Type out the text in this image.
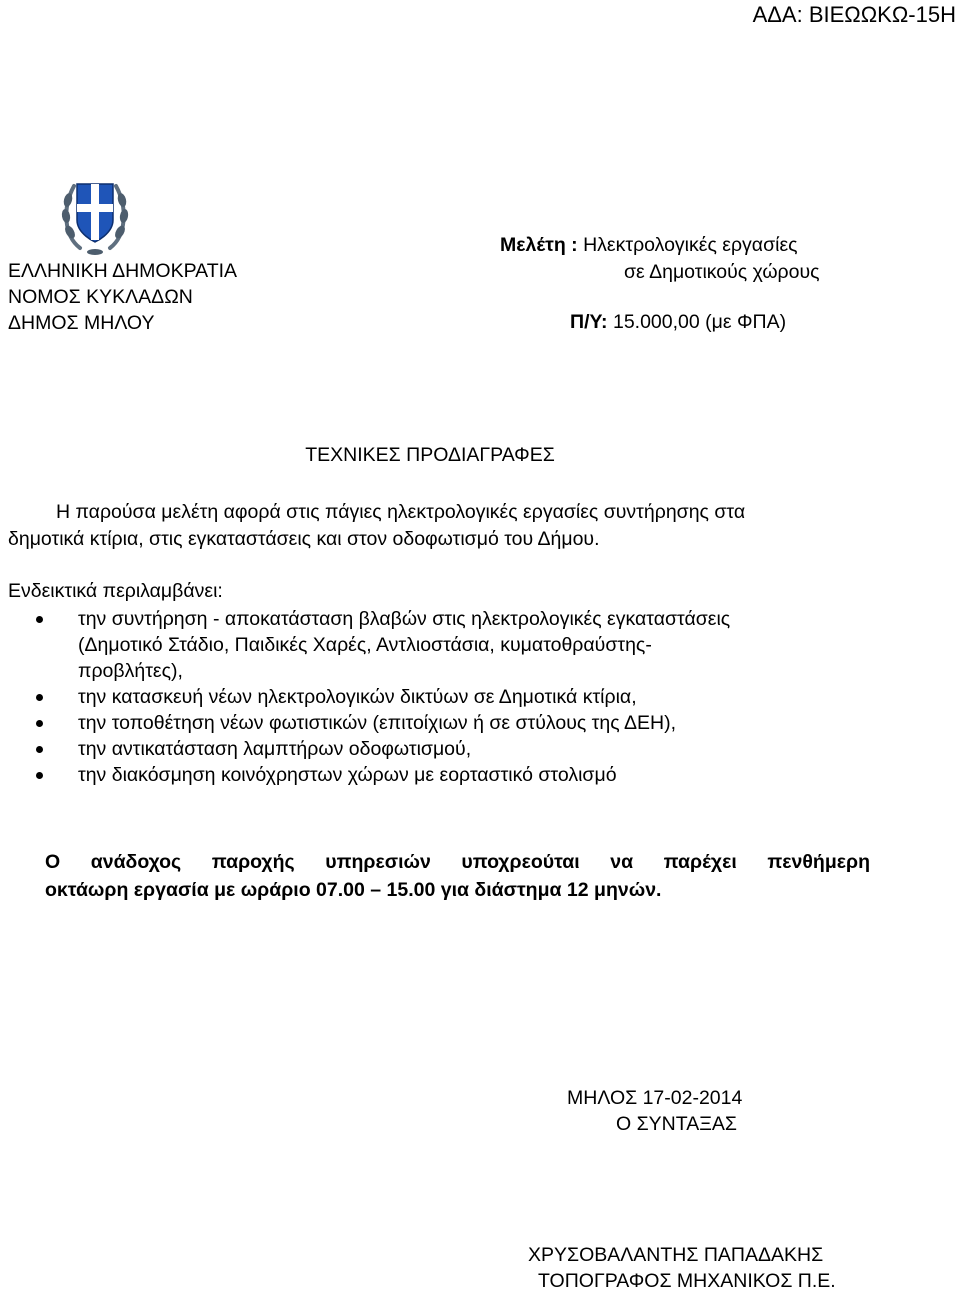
ΑΔΑ: ΒΙΕΩΩΚΩ-15Η
ΕΛΛΗΝΙΚΗ ΔΗΜΟΚΡΑΤΙΑ
ΝΟΜΟΣ ΚΥΚΛΑΔΩΝ
ΔΗΜΟΣ ΜΗΛΟΥ
Μελέτη : Ηλεκτρολογικές εργασίες
σε Δημοτικούς χώρους
Π/Υ: 15.000,00 (με ΦΠΑ)
ΤΕΧΝΙΚΕΣ ΠΡΟΔΙΑΓΡΑΦΕΣ
Η παρούσα μελέτη αφορά στις πάγιες ηλεκτρολογικές εργασίες συντήρησης στα
δημοτικά κτίρια, στις εγκαταστάσεις και στον οδοφωτισμό του Δήμου.
Ενδεικτικά περιλαμβάνει:
την συντήρηση - αποκατάσταση βλαβών στις ηλεκτρολογικές εγκαταστάσεις
(Δημοτικό Στάδιο, Παιδικές Χαρές, Αντλιοστάσια, κυματοθραύστης-
προβλήτες),
την κατασκευή νέων ηλεκτρολογικών δικτύων σε Δημοτικά κτίρια,
την τοποθέτηση νέων φωτιστικών (επιτοίχιων ή σε στύλους της ΔΕΗ),
την αντικατάσταση λαμπτήρων οδοφωτισμού,
την διακόσμηση κοινόχρηστων χώρων με εορταστικό στολισμό
Ο ανάδοχος παροχής υπηρεσιών υποχρεούται να παρέχει πενθήμερη
οκτάωρη εργασία με ωράριο 07.00 – 15.00 για διάστημα 12 μηνών.
ΜΗΛΟΣ 17-02-2014
Ο ΣΥΝΤΑΞΑΣ
ΧΡΥΣΟΒΑΛΑΝΤΗΣ ΠΑΠΑΔΑΚΗΣ
ΤΟΠΟΓΡΑΦΟΣ ΜΗΧΑΝΙΚΟΣ Π.Ε.
